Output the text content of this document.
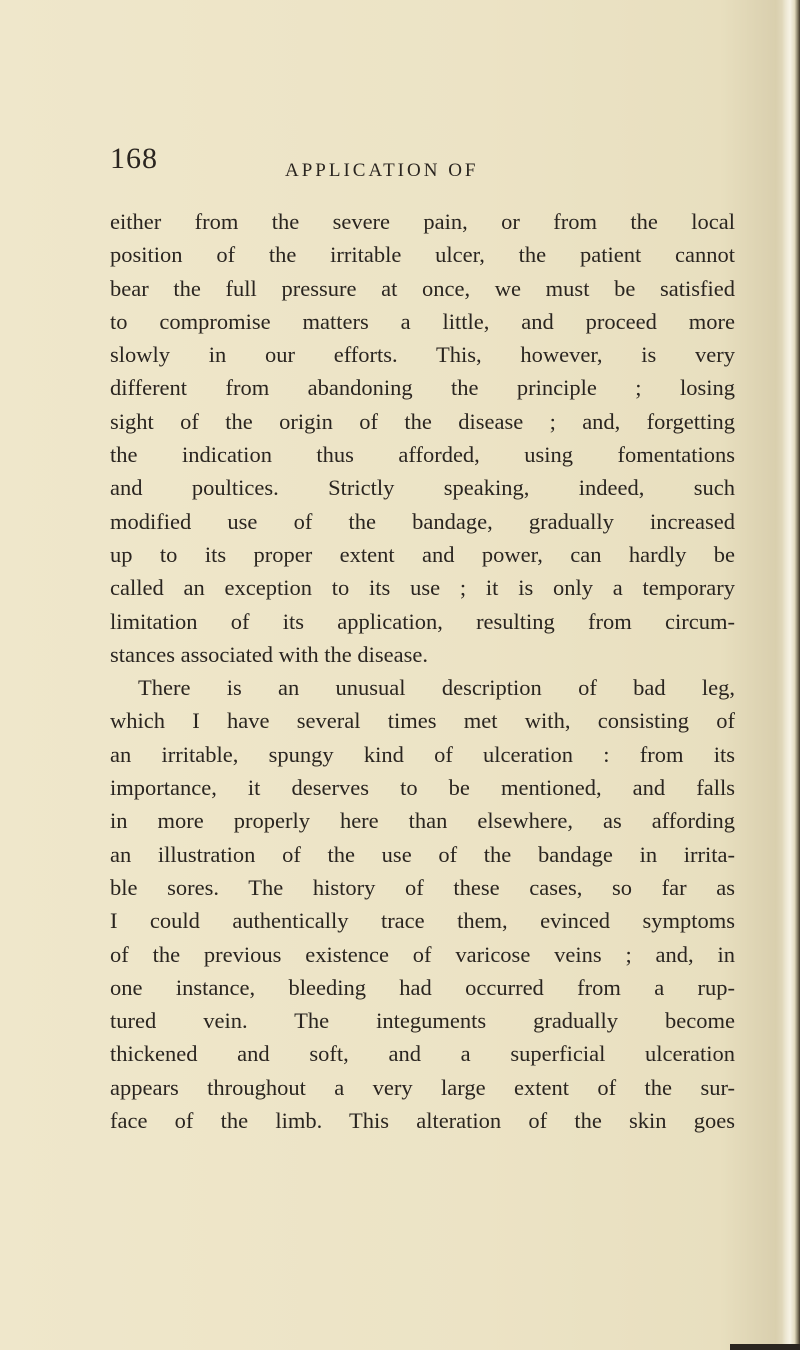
168	APPLICATION OF
either from the severe pain, or from the local
position of the irritable ulcer, the patient cannot
bear the full pressure at once, we must be satisfied
to compromise matters a little, and proceed more
slowly in our efforts. This, however, is very
different from abandoning the principle ; losing
sight of the origin of the disease ; and, forgetting
the indication thus afforded, using fomentations
and poultices. Strictly speaking, indeed, such
modified use of the bandage, gradually increased
up to its proper extent and power, can hardly be
called an exception to its use ; it is only a temporary
limitation of its application, resulting from circum-
stances associated with the disease.
There is an unusual description of bad leg,
which I have several times met with, consisting of
an irritable, spungy kind of ulceration : from its
importance, it deserves to be mentioned, and falls
in more properly here than elsewhere, as affording
an illustration of the use of the bandage in irrita-
ble sores. The history of these cases, so far as
I could authentically trace them, evinced symptoms
of the previous existence of varicose veins ; and, in
one instance, bleeding had occurred from a rup-
tured vein. The integuments gradually become
thickened and soft, and a superficial ulceration
appears throughout a very large extent of the sur-
face of the limb. This alteration of the skin goes
